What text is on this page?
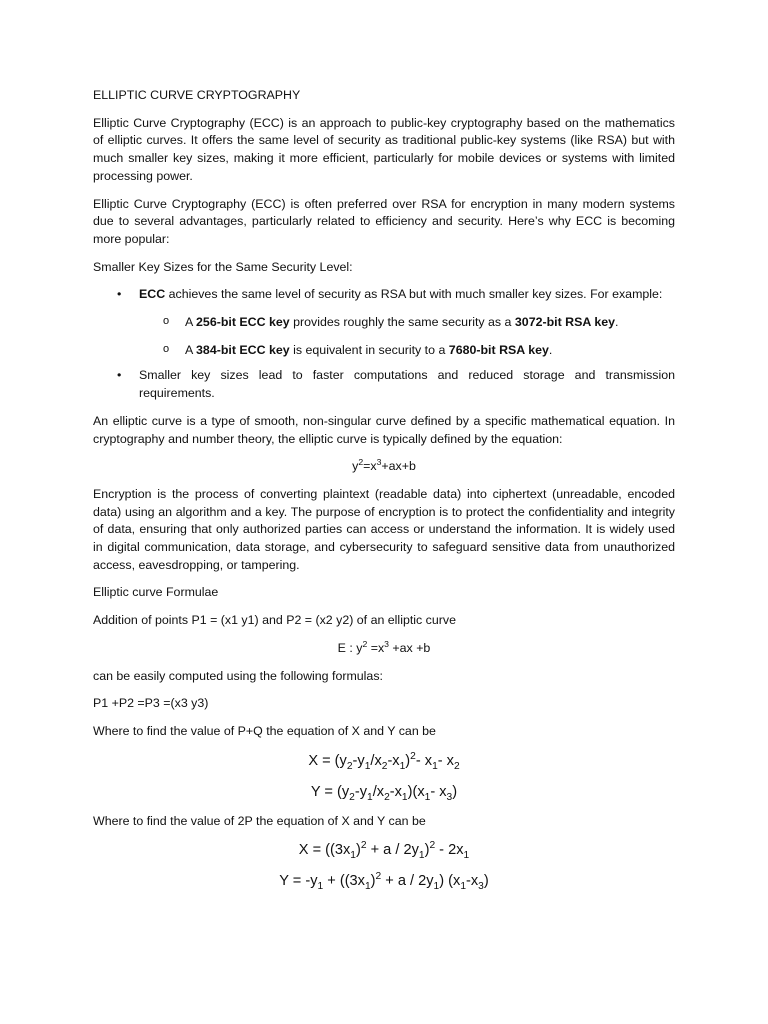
ELLIPTIC CURVE CRYPTOGRAPHY

Elliptic Curve Cryptography (ECC) is an approach to public-key cryptography based on the mathematics of elliptic curves. It offers the same level of security as traditional public-key systems (like RSA) but with much smaller key sizes, making it more efficient, particularly for mobile devices or systems with limited processing power.

Elliptic Curve Cryptography (ECC) is often preferred over RSA for encryption in many modern systems due to several advantages, particularly related to efficiency and security. Here’s why ECC is becoming more popular:

Smaller Key Sizes for the Same Security Level:
• ECC achieves the same level of security as RSA but with much smaller key sizes. For example:
o A 256-bit ECC key provides roughly the same security as a 3072-bit RSA key.
o A 384-bit ECC key is equivalent in security to a 7680-bit RSA key.
• Smaller key sizes lead to faster computations and reduced storage and transmission requirements.

An elliptic curve is a type of smooth, non-singular curve defined by a specific mathematical equation. In cryptography and number theory, the elliptic curve is typically defined by the equation:

$y^2=x^3+ax+b$

Encryption is the process of converting plaintext (readable data) into ciphertext (unreadable, encoded data) using an algorithm and a key. The purpose of encryption is to protect the confidentiality and integrity of data, ensuring that only authorized parties can access or understand the information. It is widely used in digital communication, data storage, and cybersecurity to safeguard sensitive data from unauthorized access, eavesdropping, or tampering.

Elliptic curve Formulae
Addition of points P1 = (x1 y1) and P2 = (x2 y2) of an elliptic curve
E : $y^2 =x^3 +ax +b$
can be easily computed using the following formulas:
P1 +P2 =P3 =(x3 y3)
Where to find the value of P+Q the equation of X and Y can be
$X = (y_2-y_1/x_2-x_1)^2-$ $x_1-$ $x_2$
$Y = (y_2-y_1/x_2-x_1)(x_1-$ $x_3$)
Where to find the value of 2P the equation of X and Y can be
$X = ((3x_1)^2 + a / 2y_1)^2 - 2x_1$
$Y = -y_1 + ((3x_1)^2 + a / 2y_1)$ $(x_1-x_3)$
